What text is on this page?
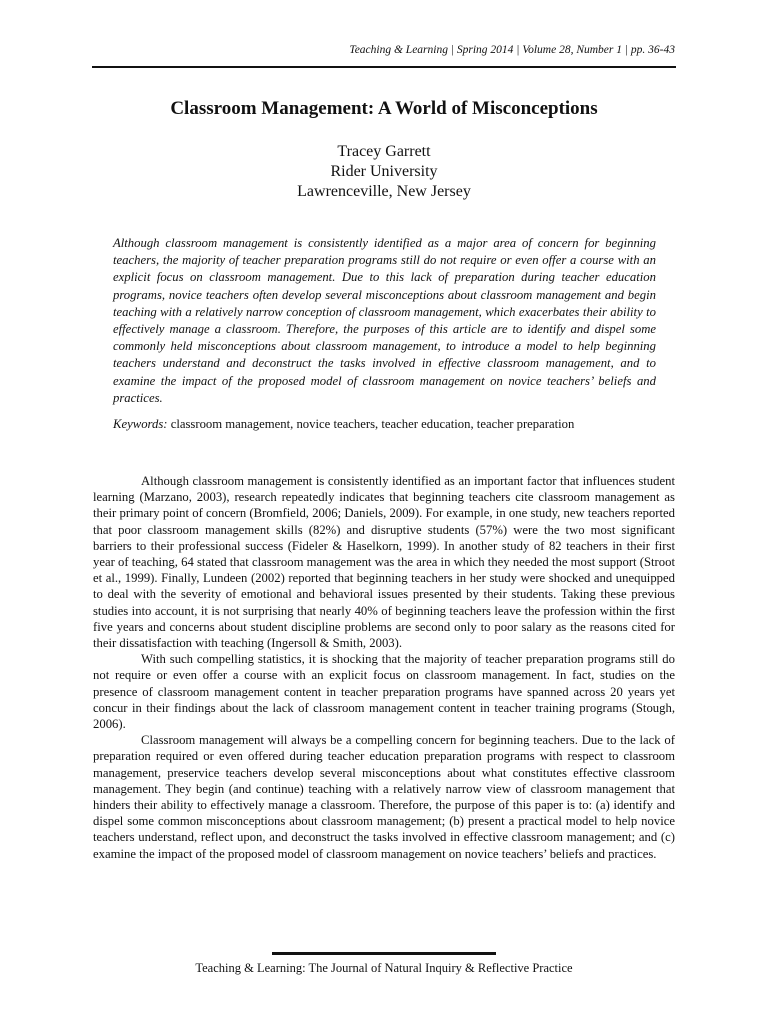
Teaching & Learning | Spring 2014 | Volume 28, Number 1 | pp. 36-43
Classroom Management: A World of Misconceptions
Tracey Garrett
Rider University
Lawrenceville, New Jersey

Although classroom management is consistently identified as a major area of concern for beginning teachers, the majority of teacher preparation programs still do not require or even offer a course with an explicit focus on classroom management. Due to this lack of preparation during teacher education programs, novice teachers often develop several misconceptions about classroom management and begin teaching with a relatively narrow conception of classroom management, which exacerbates their ability to effectively manage a classroom. Therefore, the purposes of this article are to identify and dispel some commonly held misconceptions about classroom management, to introduce a model to help beginning teachers understand and deconstruct the tasks involved in effective classroom management, and to examine the impact of the proposed model of classroom management on novice teachers’ beliefs and practices.

Keywords: classroom management, novice teachers, teacher education, teacher preparation

Although classroom management is consistently identified as an important factor that influences student learning (Marzano, 2003), research repeatedly indicates that beginning teachers cite classroom management as their primary point of concern (Bromfield, 2006; Daniels, 2009). For example, in one study, new teachers reported that poor classroom management skills (82%) and disruptive students (57%) were the two most significant barriers to their professional success (Fideler & Haselkorn, 1999). In another study of 82 teachers in their first year of teaching, 64 stated that classroom management was the area in which they needed the most support (Stroot et al., 1999). Finally, Lundeen (2002) reported that beginning teachers in her study were shocked and unequipped to deal with the severity of emotional and behavioral issues presented by their students. Taking these previous studies into account, it is not surprising that nearly 40% of beginning teachers leave the profession within the first five years and concerns about student discipline problems are second only to poor salary as the reasons cited for their dissatisfaction with teaching (Ingersoll & Smith, 2003).

With such compelling statistics, it is shocking that the majority of teacher preparation programs still do not require or even offer a course with an explicit focus on classroom management. In fact, studies on the presence of classroom management content in teacher preparation programs have spanned across 20 years yet concur in their findings about the lack of classroom management content in teacher training programs (Stough, 2006).

Classroom management will always be a compelling concern for beginning teachers. Due to the lack of preparation required or even offered during teacher education preparation programs with respect to classroom management, preservice teachers develop several misconceptions about what constitutes effective classroom management. They begin (and continue) teaching with a relatively narrow view of classroom management that hinders their ability to effectively manage a classroom. Therefore, the purpose of this paper is to: (a) identify and dispel some common misconceptions about classroom management; (b) present a practical model to help novice teachers understand, reflect upon, and deconstruct the tasks involved in effective classroom management; and (c) examine the impact of the proposed model of classroom management on novice teachers’ beliefs and practices.

Teaching & Learning: The Journal of Natural Inquiry & Reflective Practice
